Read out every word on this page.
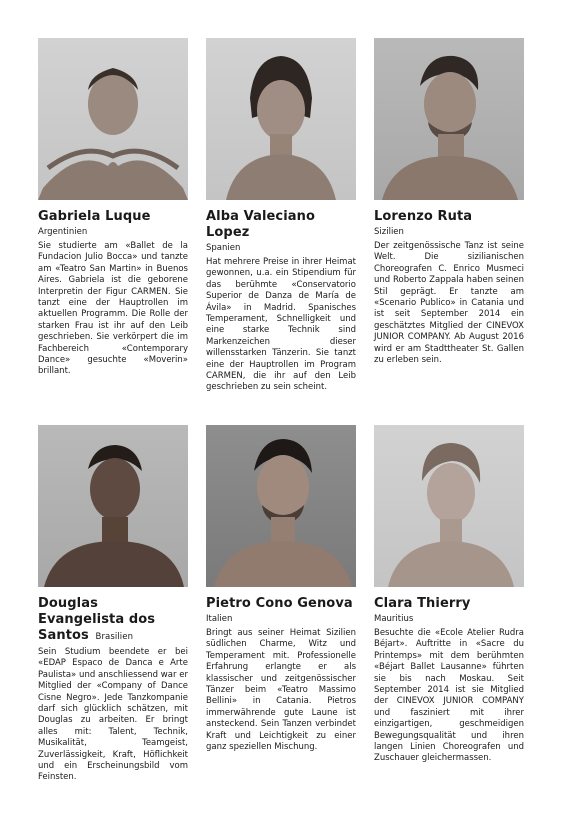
Gabriela Luque
Argentinien
Sie studierte am «Ballet de la Fundacion Julio Bocca» und tanzte am «Teatro San Martin» in Buenos Aires. Gabriela ist die geborene Interpretin der Figur CARMEN. Sie tanzt eine der Hauptrollen im aktuellen Programm. Die Rolle der starken Frau ist ihr auf den Leib geschrieben. Sie verkörpert die im Fachbereich «Contemporary Dance» gesuchte «Moverin» brillant.
Alba Valeciano Lopez
Spanien
Hat mehrere Preise in ihrer Heimat gewonnen, u.a. ein Stipendium für das berühmte «Conservatorio Superior de Danza de María de Ávila» in Madrid. Spanisches Temperament, Schnelligkeit und eine starke Technik sind Markenzeichen dieser willensstarken Tänzerin. Sie tanzt eine der Hauptrollen im Program CARMEN, die ihr auf den Leib geschrieben zu sein scheint.
Lorenzo Ruta
Sizilien
Der zeitgenössische Tanz ist seine Welt. Die sizilianischen Choreografen C. Enrico Musmeci und Roberto Zappala haben seinen Stil geprägt. Er tanzte am «Scenario Publico» in Catania und ist seit September 2014 ein geschätztes Mitglied der CINEVOX JUNIOR COMPANY. Ab August 2016 wird er am Stadttheater St. Gallen zu erleben sein.
Douglas Evangelista dos Santos Brasilien
Sein Studium beendete er bei «EDAP Espaco de Danca e Arte Paulista» und anschliessend war er Mitglied der «Company of Dance Cisne Negro». Jede Tanzkompanie darf sich glücklich schätzen, mit Douglas zu arbeiten. Er bringt alles mit: Talent, Technik, Musikalität, Teamgeist, Zuverlässigkeit, Kraft, Höflichkeit und ein Erscheinungsbild vom Feinsten.
Pietro Cono Genova
Italien
Bringt aus seiner Heimat Sizilien südlichen Charme, Witz und Temperament mit. Professionelle Erfahrung erlangte er als klassischer und zeitgenössischer Tänzer beim «Teatro Massimo Bellini» in Catania. Pietros immerwährende gute Laune ist ansteckend. Sein Tanzen verbindet Kraft und Leichtigkeit zu einer ganz speziellen Mischung.
Clara Thierry
Mauritius
Besuchte die «Ecole Atelier Rudra Béjart». Auftritte in «Sacre du Printemps» mit dem berühmten «Béjart Ballet Lausanne» führten sie bis nach Moskau. Seit September 2014 ist sie Mitglied der CINEVOX JUNIOR COMPANY und fasziniert mit ihrer einzigartigen, geschmeidigen Bewegungsqualität und ihren langen Linien Choreografen und Zuschauer gleichermassen.
